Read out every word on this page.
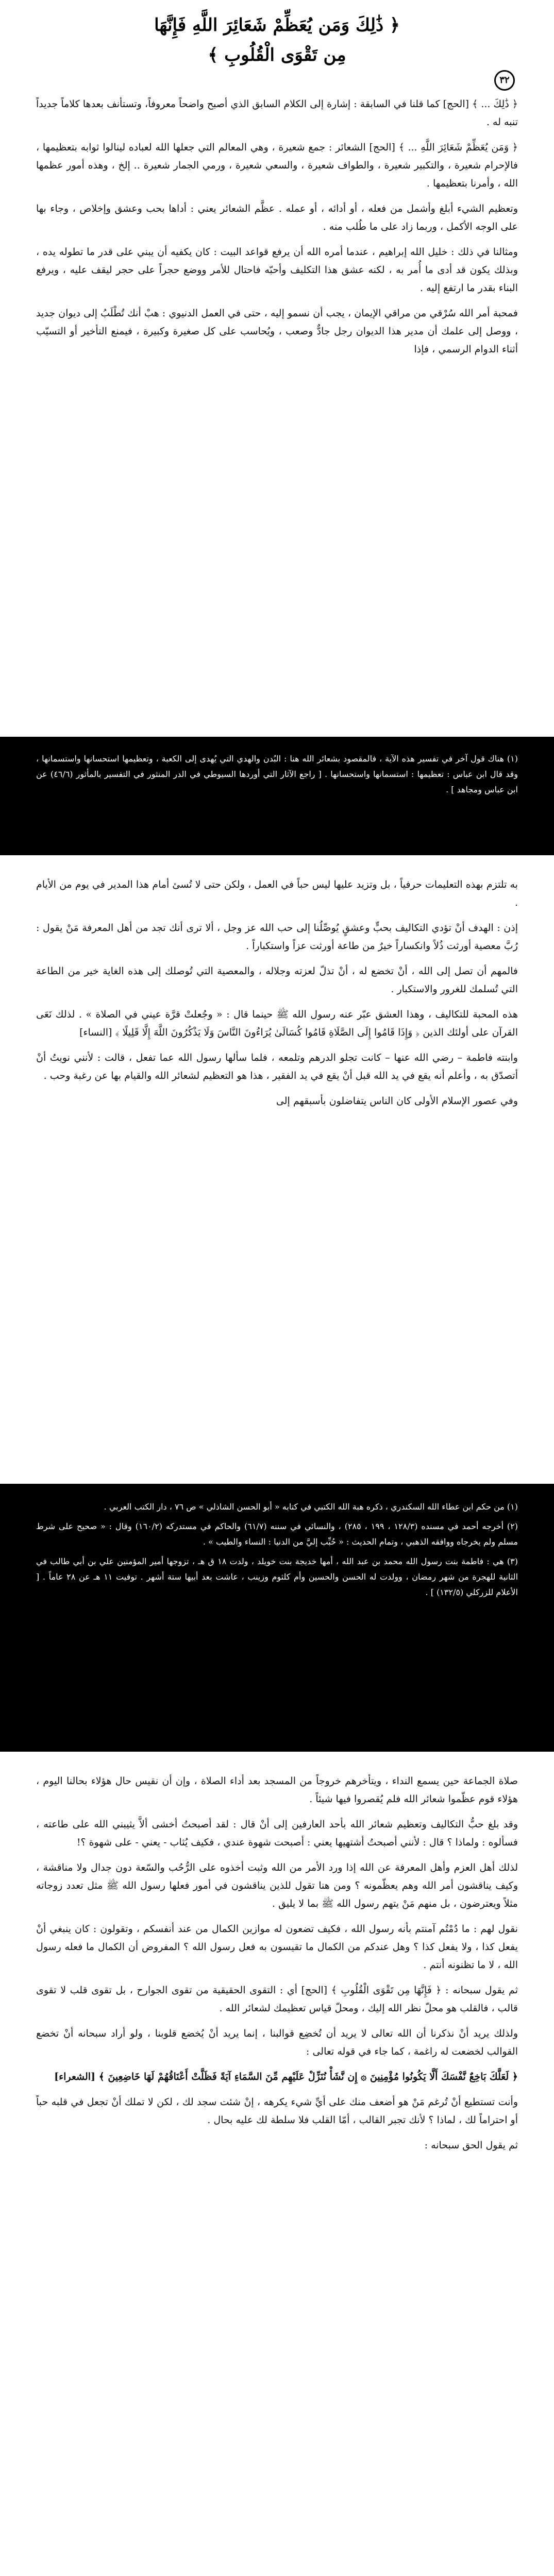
﴿ ذَٰلِكَ وَمَن يُعَظِّمْ شَعَائِرَ اللَّهِ فَإِنَّهَا
مِن تَقْوَى الْقُلُوبِ ﴾
٣٢

﴿ ذَٰلِكَ ... ﴾ [الحج] كما قلنا في السابقة : إشارة إلى الكلام السابق الذي أصبح واضحاً معروفاً، وتستأنف بعدها كلاماً جديداً تنبه له .

﴿ وَمَن يُعَظِّمْ شَعَائِرَ اللَّهِ ... ﴾ [الحج] الشعائر : جمع شعيرة ، وهي المعالم التي جعلها الله لعباده لينالوا ثوابه بتعظيمها ، فالإحرام شعيرة ، والتكبير شعيرة ، والطواف شعيرة ، والسعي شعيرة ، ورمي الجمار شعيرة .. إلخ ، وهذه أمور عظمها الله ، وأمرنا بتعظيمها .

وتعظيم الشيء أبلغ وأشمل من فعله ، أو أدائه ، أو عمله . عظَّم الشعائر يعني : أداها بحب وعشق وإخلاص ، وجاء بها على الوجه الأكمل ، وربما زاد على ما طُلب منه .

ومثالنا في ذلك : خليل الله إبراهيم ، عندما أمره الله أن يرفع قواعد البيت : كان يكفيه أن يبني على قدر ما تطوله يده ، وبذلك يكون قد أدى ما أُمر به ، لكنه عشق هذا التكليف وأحبّه فاحتال للأمر ووضع حجراً على حجر ليقف عليه ، ويرفع البناء بقدر ما ارتفع إليه .

فمحبة أمر الله سُرْقي من مراقي الإيمان ، يجب أن نسمو إليه ، حتى في العمل الدنيوي : هبْ أنك تُطْلَبُ إلى ديوان جديد ، ووصل إلى علمك أن مدير هذا الديوان رجل جادٌّ وصعب ، ويُحاسب على كل صغيرة وكبيرة ، فيمنع التأخير أو التسيّب أثناء الدوام الرسمي ، فإذا

(١) هناك قول آخر في تفسير هذه الآية ، فالمقصود بشعائر الله هنا : البُدن والهدي التي يُهدى إلى الكعبة ، وتعظيمها استحسانها واستسمانها ، وقد قال ابن عباس : تعظيمها : استسمانها واستحسانها . [ راجع الآثار التي أوردها السيوطي في الدر المنثور في التفسير بالمأثور (٤٦/٦) عن ابن عباس ومجاهد ] .

به تلتزم بهذه التعليمات حرفياً ، بل وتزيد عليها ليس حباً في العمل ، ولكن حتى لا تُسئ أمام هذا المدير في يوم من الأيام .

إذن : الهدف أنْ تؤدي التكاليف بحبٍّ وعشقٍ يُوصِّلُنا إلى حب الله عز وجل ، ألا ترى أنك تجد من أهل المعرفة مَنْ يقول : رُبَّ معصية أورثت ذُلاً وانكساراً خيرٌ من طاعة أورثت عزاً واستكباراً .

فالمهم أن تصل إلى الله ، أنْ تخضع له ، أنْ تذلّ لعزته وجلاله ، والمعصية التي تُوصلك إلى هذه الغاية خير من الطاعة التي تُسلمك للغرور والاستكبار .

هذه المحبة للتكاليف ، وهذا العشق عبّر عنه رسول الله ﷺ حينما قال : « وجُعلتْ قرَّة عيني في الصلاة » . لذلك نَعَى القرآن على أولئك الذين ﴿ وَإِذَا قَامُوا إِلَى الصَّلَاةِ قَامُوا كُسَالَىٰ يُرَاءُونَ النَّاسَ وَلَا يَذْكُرُونَ اللَّهَ إِلَّا قَلِيلًا ﴾ [النساء]

وابنته فاطمة – رضي الله عنها – كانت تجلو الدرهم وتلمعه ، فلما سألها رسول الله عما تفعل ، قالت : لأنني نويتُ أنْ أتصدّق به ، وأعلم أنه يقع في يد الله قبل أنْ يقع في يد الفقير ، هذا هو التعظيم لشعائر الله والقيام بها عن رغبة وحب .

وفي عصور الإسلام الأولى كان الناس يتفاضلون بأسبقهم إلى

(١) من حكم ابن عطاء الله السكندري ، ذكره هبة الله الكتبي في كتابه « أبو الحسن الشاذلي » ص ٧٦ ، دار الكتب العربي .

(٢) أخرجه أحمد في مسنده (١٢٨/٣ ، ١٩٩ ، ٢٨٥) ، والنسائي في سننه (٦١/٧) والحاكم في مستدركه (١٦٠/٢) وقال : « صحيح على شرط مسلم ولم يخرجاه ووافقه الذهبي ، وتمام الحديث : « حُبِّب إليَّ من الدنيا : النساء والطيب » .

(٣) هي : فاطمة بنت رسول الله محمد بن عبد الله ، أمها خديجة بنت خويلد ، ولدت ١٨ ق هـ ، تزوجها أمير المؤمنين علي بن أبي طالب في الثانية للهجرة من شهر رمضان ، وولدت له الحسن والحسين وأم كلثوم وزينب ، عاشت بعد أبيها ستة أشهر . توفيت ١١ هـ عن ٢٨ عاماً . [ الأعلام للزركلي (١٣٢/٥) ] .

صلاة الجماعة حين يسمع النداء ، ويتأخرهم خروجاً من المسجد بعد أداء الصلاة ، وإن أن نقيس حال هؤلاء بحالنا اليوم ، هؤلاء قوم عظّموا شعائر الله فلم يُقصروا فيها شيئاً .

وقد بلغ حبُّ التكاليف وتعظيم شعائر الله بأحد العارفين إلى أنْ قال : لقد أصبحتُ أخشى ألاَّ يثيبني الله على طاعته ، فسألوه : ولماذا ؟ قال : لأنني أصبحتُ أشتهيها يعني : أصبحت شهوة عندي ، فكيف يُثاب - يعني - على شهوة ؟!

لذلك أهل العزم وأهل المعرفة عن الله إذا ورد الأمر من الله وثبت أخذوه على الرُّحُب والسّعة دون جدال ولا مناقشة ، وكيف يناقشون أمر الله وهم يعظّمونه ؟ ومن هنا تقول للذين يناقشون في أمور فعلها رسول الله ﷺ مثل تعدد زوجاته مثلاً ويعترضون ، بل منهم مَنْ يتهم رسول الله ﷺ بما لا يليق .

نقول لهم : ما دُمْتُم آمنتم بأنه رسول الله ، فكيف تضعون له موازين الكمال من عند أنفسكم ، وتقولون : كان ينبغي أنْ يفعل كذا ، ولا يفعل كذا ؟ وهل عندكم من الكمال ما تقيسون به فعل رسول الله ؟ المفروض أن الكمال ما فعله رسول الله ، لا ما تظنونه أنتم .

ثم يقول سبحانه : ﴿ فَإِنَّهَا مِن تَقْوَى الْقُلُوبِ ﴾ [الحج] أي : التقوى الحقيقية من تقوى الجوارح ، بل تقوى قلب لا تقوى قالب ، فالقلب هو محلّ نظر الله إليك ، ومحلّ قياس تعظيمك لشعائر الله .

ولذلك يريد أنْ نذكرنا أن الله تعالى لا يريد أن تُخضِع قوالبنا ، إنما يريد أنْ يُخضع قلوبنا ، ولو أراد سبحانه أنْ تخضع القوالب لخضعت له راغمة ، كما جاء في قوله تعالى :

﴿ لَعَلَّكَ بَاخِعٌ نَّفْسَكَ أَلَّا يَكُونُوا مُؤْمِنِينَ ۞ إِن نَّشَأْ نُنَزِّلْ عَلَيْهِم مِّنَ السَّمَاءِ آيَةً فَظَلَّتْ أَعْنَاقُهُمْ لَهَا خَاضِعِينَ ﴾ [الشعراء]

وأنت تستطيع أنْ تُرغم مَنْ هو أضعف منك على أيِّ شيء يكرهه ، إنْ شئت سجد لك ، لكن لا تملك أنْ تجعل في قلبه حباً أو احتراماً لك ، لماذا ؟ لأنك تجبر القالب ، أمّا القلب فلا سلطة لك عليه بحال .

ثم يقول الحق سبحانه :
